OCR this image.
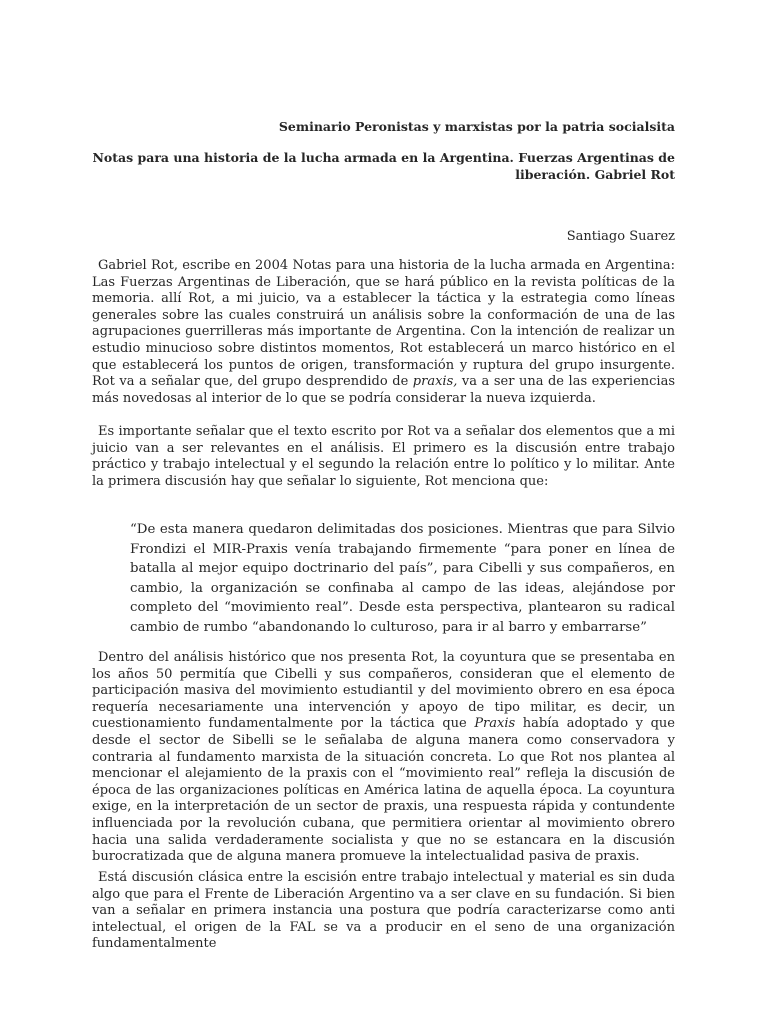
Seminario Peronistas y marxistas por la patria socialsita

Notas para una historia de la lucha armada en la Argentina. Fuerzas Argentinas de liberación. Gabriel Rot

Santiago Suarez

Gabriel Rot, escribe en 2004 Notas para una historia de la lucha armada en Argentina: Las Fuerzas Argentinas de Liberación, que se hará público en la revista políticas de la memoria. allí Rot, a mi juicio, va a establecer la táctica y la estrategia como líneas generales sobre las cuales construirá un análisis sobre la conformación de una de las agrupaciones guerrilleras más importante de Argentina. Con la intención de realizar un estudio minucioso sobre distintos momentos, Rot establecerá un marco histórico en el que establecerá los puntos de origen, transformación y ruptura del grupo insurgente. Rot va a señalar que, del grupo desprendido de praxis, va a ser una de las experiencias más novedosas al interior de lo que se podría considerar la nueva izquierda.

Es importante señalar que el texto escrito por Rot va a señalar dos elementos que a mi juicio van a ser relevantes en el análisis. El primero es la discusión entre trabajo práctico y trabajo intelectual y el segundo la relación entre lo político y lo militar. Ante la primera discusión hay que señalar lo siguiente, Rot menciona que:

“De esta manera quedaron delimitadas dos posiciones. Mientras que para Silvio Frondizi el MIR-Praxis venía trabajando firmemente “para poner en línea de batalla al mejor equipo doctrinario del país”, para Cibelli y sus compañeros, en cambio, la organización se confinaba al campo de las ideas, alejándose por completo del “movimiento real”. Desde esta perspectiva, plantearon su radical cambio de rumbo “abandonando lo culturoso, para ir al barro y embarrarse”

Dentro del análisis histórico que nos presenta Rot, la coyuntura que se presentaba en los años 50 permitía que Cibelli y sus compañeros, consideran que el elemento de participación masiva del movimiento estudiantil y del movimiento obrero en esa época requería necesariamente una intervención y apoyo de tipo militar, es decir, un cuestionamiento fundamentalmente por la táctica que Praxis había adoptado y que desde el sector de Sibelli se le señalaba de alguna manera como conservadora y contraria al fundamento marxista de la situación concreta. Lo que Rot nos plantea al mencionar el alejamiento de la praxis con el “movimiento real” refleja la discusión de época de las organizaciones políticas en América latina de aquella época. La coyuntura exige, en la interpretación de un sector de praxis, una respuesta rápida y contundente influenciada por la revolución cubana, que permitiera orientar al movimiento obrero hacia una salida verdaderamente socialista y que no se estancara en la discusión burocratizada que de alguna manera promueve la intelectualidad pasiva de praxis.

Está discusión clásica entre la escisión entre trabajo intelectual y material es sin duda algo que para el Frente de Liberación Argentino va a ser clave en su fundación. Si bien van a señalar en primera instancia una postura que podría caracterizarse como anti intelectual, el origen de la FAL se va a producir en el seno de una organización fundamentalmente
